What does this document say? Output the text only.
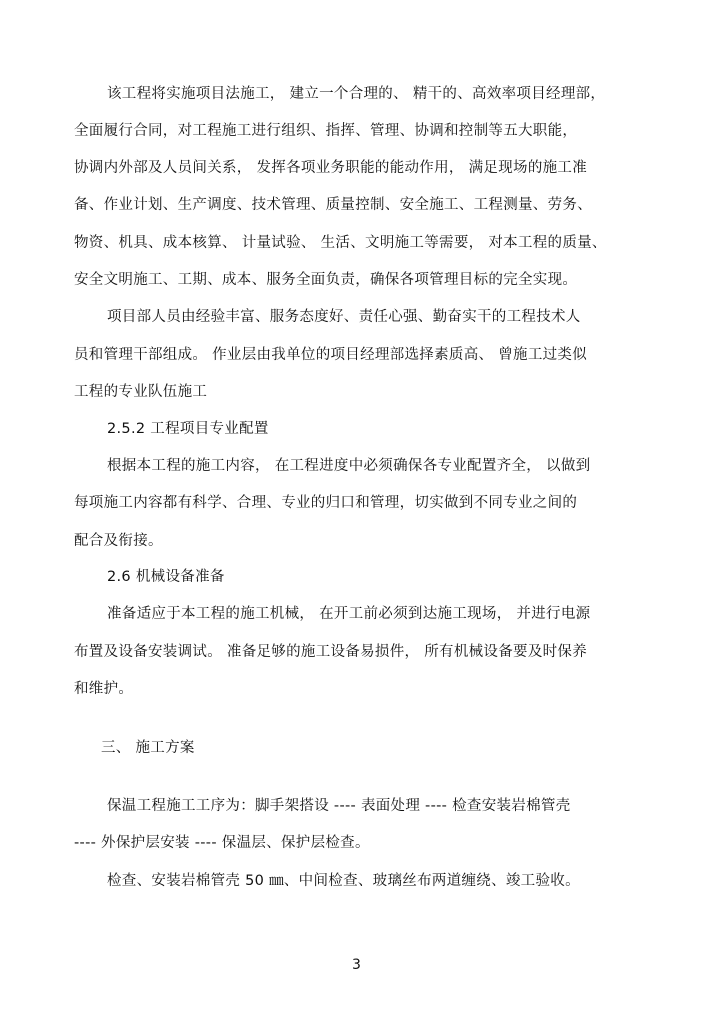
该工程将实施项目法施工， 建立一个合理的、 精干的、高效率项目经理部，
全面履行合同，对工程施工进行组织、指挥、管理、协调和控制等五大职能，
协调内外部及人员间关系， 发挥各项业务职能的能动作用， 满足现场的施工准
备、作业计划、生产调度、技术管理、质量控制、安全施工、工程测量、劳务、
物资、机具、成本核算、 计量试验、 生活、文明施工等需要， 对本工程的质量、
安全文明施工、工期、成本、服务全面负责，确保各项管理目标的完全实现。
项目部人员由经验丰富、服务态度好、责任心强、勤奋实干的工程技术人
员和管理干部组成。 作业层由我单位的项目经理部选择素质高、 曾施工过类似
工程的专业队伍施工
2.5.2 工程项目专业配置
根据本工程的施工内容， 在工程进度中必须确保各专业配置齐全， 以做到
每项施工内容都有科学、合理、专业的归口和管理，切实做到不同专业之间的
配合及衔接。
2.6 机械设备准备
准备适应于本工程的施工机械， 在开工前必须到达施工现场， 并进行电源
布置及设备安装调试。 准备足够的施工设备易损件， 所有机械设备要及时保养
和维护。
三、 施工方案
保温工程施工工序为：脚手架搭设 ---- 表面处理 ---- 检查安装岩棉管壳
---- 外保护层安装 ---- 保温层、保护层检查。
检查、安装岩棉管壳 50 ㎜、中间检查、玻璃丝布两道缠绕、竣工验收。
3
